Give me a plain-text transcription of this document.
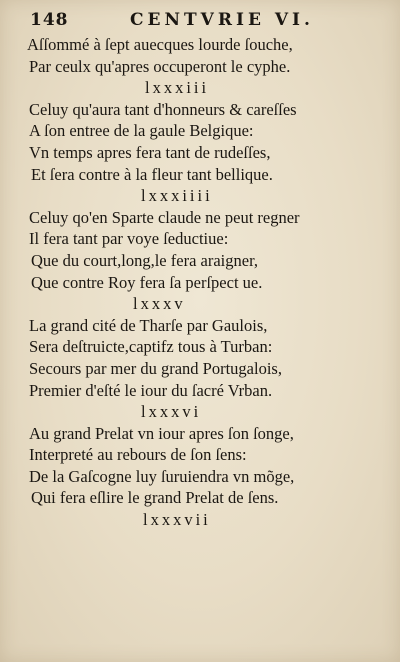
148	CENTVRIE VI.
Aſſommé à ſept auecques lourde ſouche,
Par ceulx qu'apres occuperont le cyphe.
lxxxiii
Celuy qu'aura tant d'honneurs & careſſes
A ſon entree de la gaule Belgique:
Vn temps apres fera tant de rudeſſes,
Et ſera contre à la fleur tant bellique.
lxxxiiii
Celuy qo'en Sparte claude ne peut regner
Il fera tant par voye ſeductiue:
Que du court,long,le fera araigner,
Que contre Roy fera ſa perſpect ue.
lxxxv
La grand cité de Tharſe par Gaulois,
Sera deſtruicte,captifz tous à Turban:
Secours par mer du grand Portugalois,
Premier d'eſté le iour du ſacré Vrban.
lxxxvi
Au grand Prelat vn iour apres ſon ſonge,
Interpreté au rebours de ſon ſens:
De la Gaſcogne luy ſuruiendra vn mõge,
Qui fera eſlire le grand Prelat de ſens.
lxxxvii
